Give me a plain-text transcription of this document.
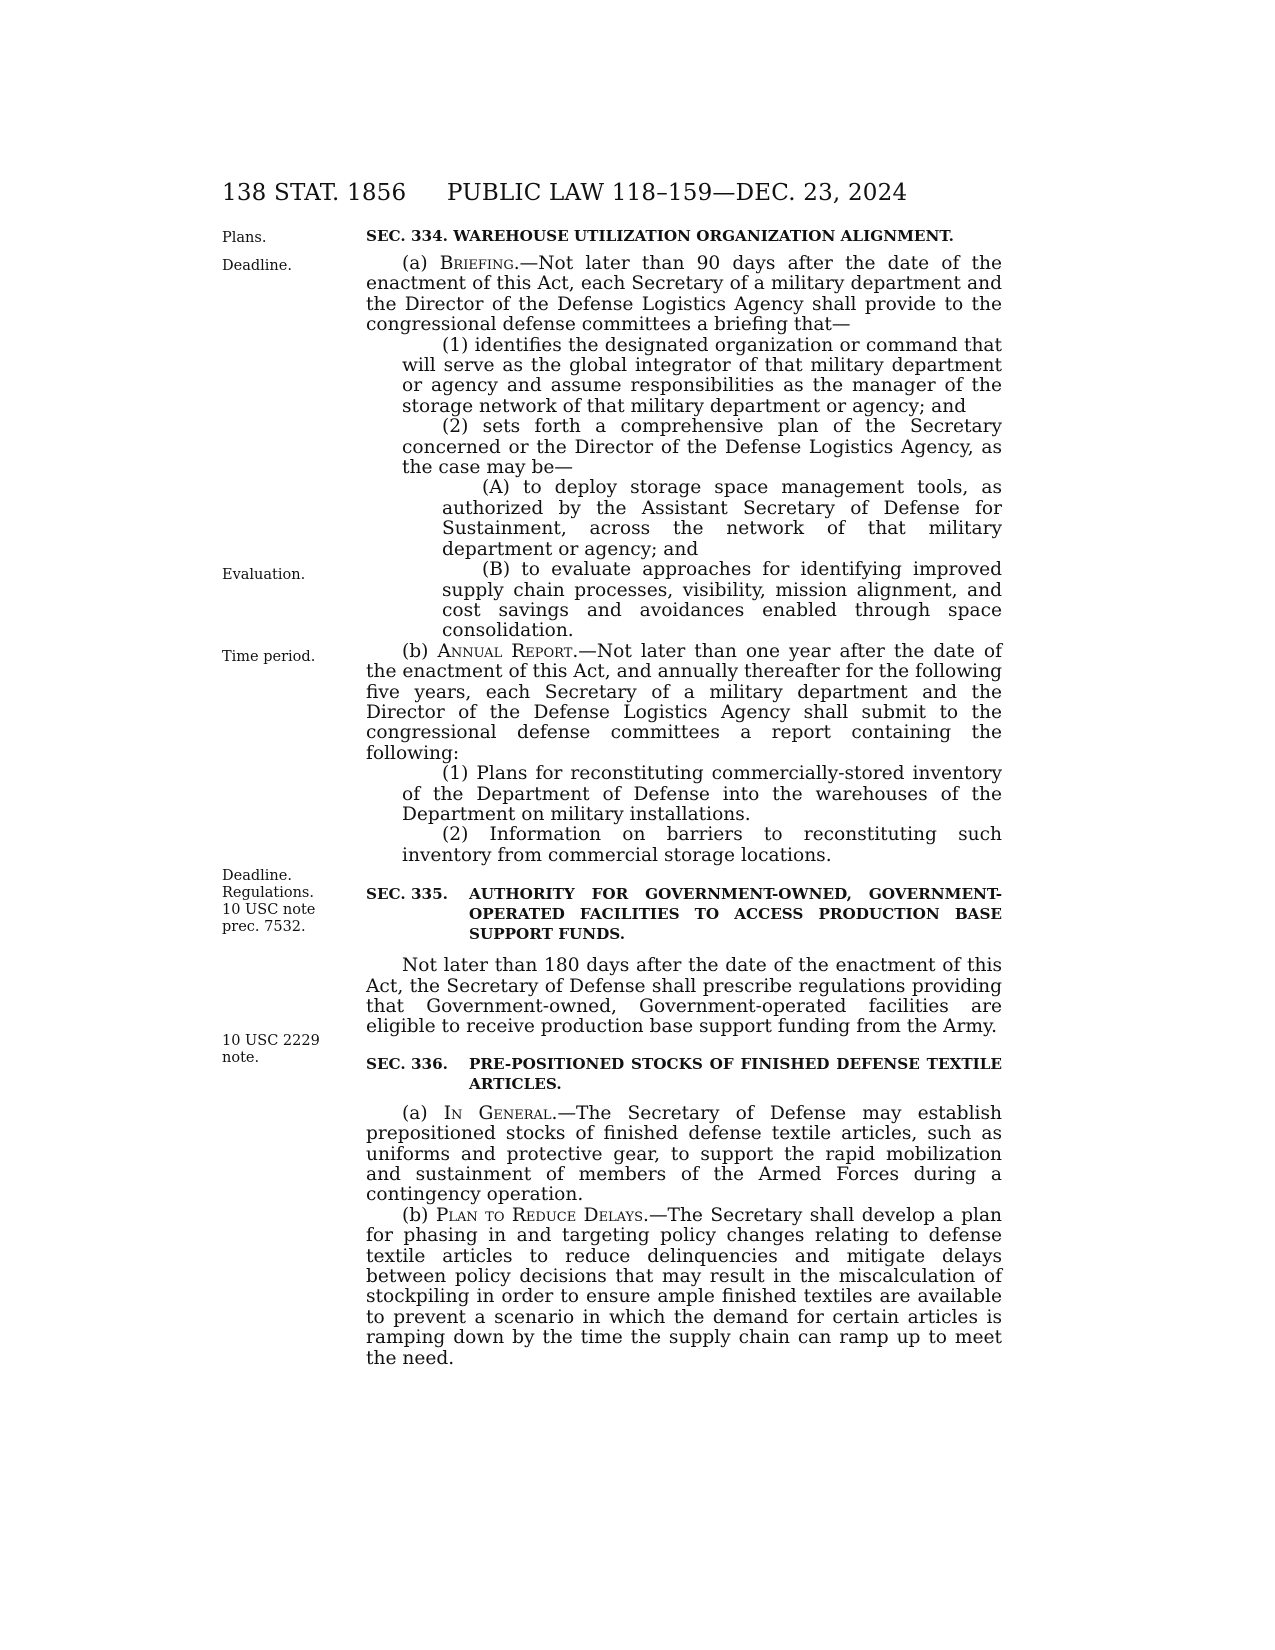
138 STAT. 1856 PUBLIC LAW 118–159—DEC. 23, 2024
Plans.
Deadline.
Evaluation.
Time period.
Deadline.
Regulations.
10 USC note
prec. 7532.
10 USC 2229
note.
SEC. 334. WAREHOUSE UTILIZATION ORGANIZATION ALIGNMENT.

(a) Briefing.—Not later than 90 days after the date of the enactment of this Act, each Secretary of a military department and the Director of the Defense Logistics Agency shall provide to the congressional defense committees a briefing that—

(1) identifies the designated organization or command that will serve as the global integrator of that military department or agency and assume responsibilities as the manager of the storage network of that military department or agency; and

(2) sets forth a comprehensive plan of the Secretary concerned or the Director of the Defense Logistics Agency, as the case may be—

(A) to deploy storage space management tools, as authorized by the Assistant Secretary of Defense for Sustainment, across the network of that military department or agency; and

(B) to evaluate approaches for identifying improved supply chain processes, visibility, mission alignment, and cost savings and avoidances enabled through space consolidation.

(b) Annual Report.—Not later than one year after the date of the enactment of this Act, and annually thereafter for the following five years, each Secretary of a military department and the Director of the Defense Logistics Agency shall submit to the congressional defense committees a report containing the following:

(1) Plans for reconstituting commercially-stored inventory of the Department of Defense into the warehouses of the Department on military installations.

(2) Information on barriers to reconstituting such inventory from commercial storage locations.

SEC. 335. AUTHORITY FOR GOVERNMENT-OWNED, GOVERNMENT-OPERATED FACILITIES TO ACCESS PRODUCTION BASE SUPPORT FUNDS.

Not later than 180 days after the date of the enactment of this Act, the Secretary of Defense shall prescribe regulations providing that Government-owned, Government-operated facilities are eligible to receive production base support funding from the Army.

SEC. 336. PRE-POSITIONED STOCKS OF FINISHED DEFENSE TEXTILE ARTICLES.

(a) In General.—The Secretary of Defense may establish prepositioned stocks of finished defense textile articles, such as uniforms and protective gear, to support the rapid mobilization and sustainment of members of the Armed Forces during a contingency operation.

(b) Plan to Reduce Delays.—The Secretary shall develop a plan for phasing in and targeting policy changes relating to defense textile articles to reduce delinquencies and mitigate delays between policy decisions that may result in the miscalculation of stockpiling in order to ensure ample finished textiles are available to prevent a scenario in which the demand for certain articles is ramping down by the time the supply chain can ramp up to meet the need.
